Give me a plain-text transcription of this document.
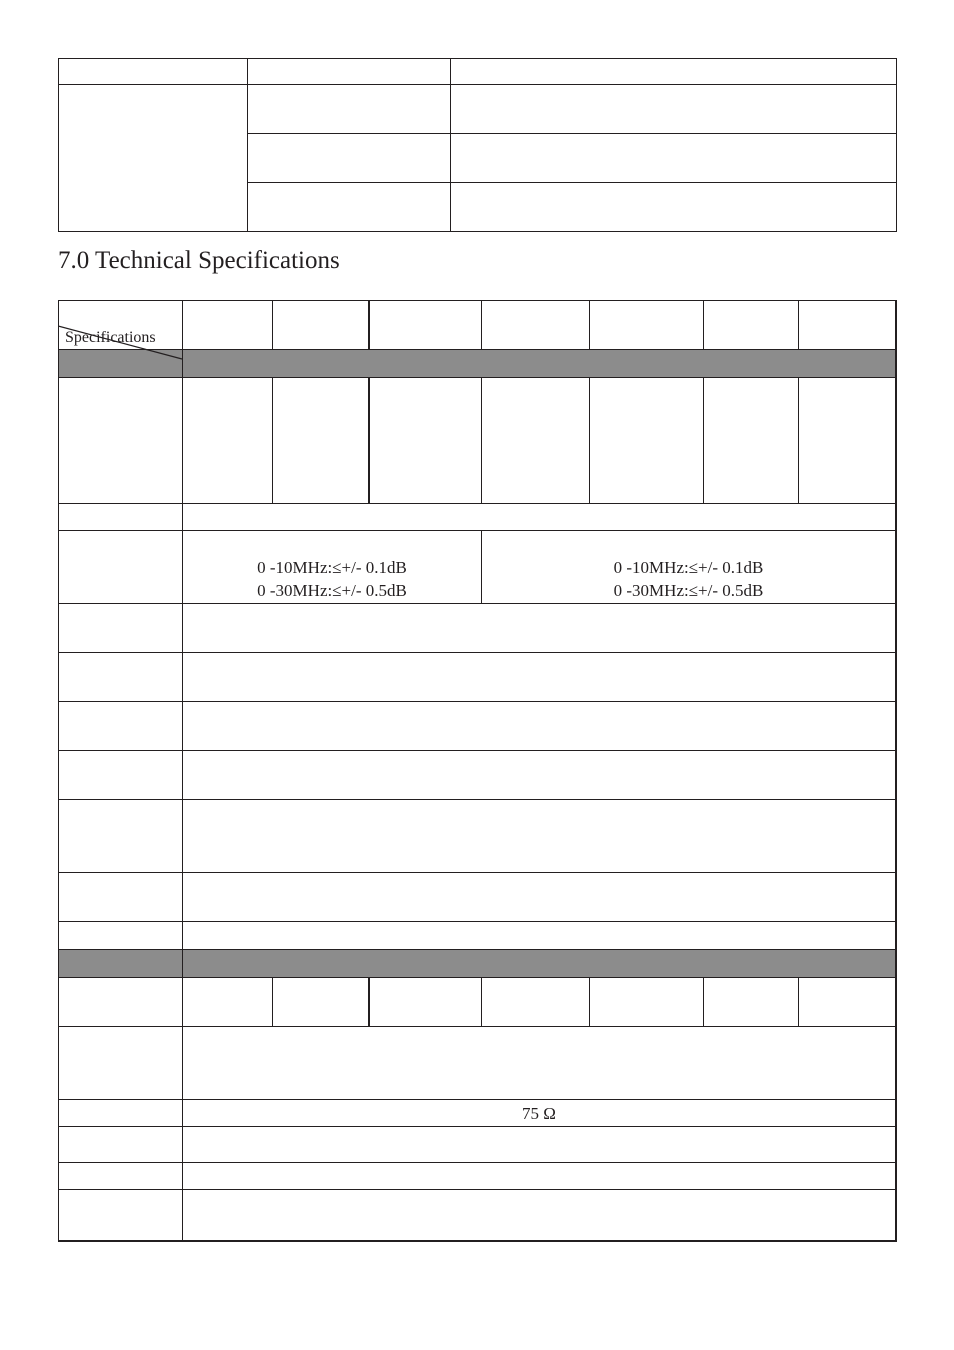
7.0 Technical Specifications
Specifications
0 -10MHz:≤+/- 0.1dB
0 -30MHz:≤+/- 0.5dB
0 -10MHz:≤+/- 0.1dB
0 -30MHz:≤+/- 0.5dB
75 Ω
